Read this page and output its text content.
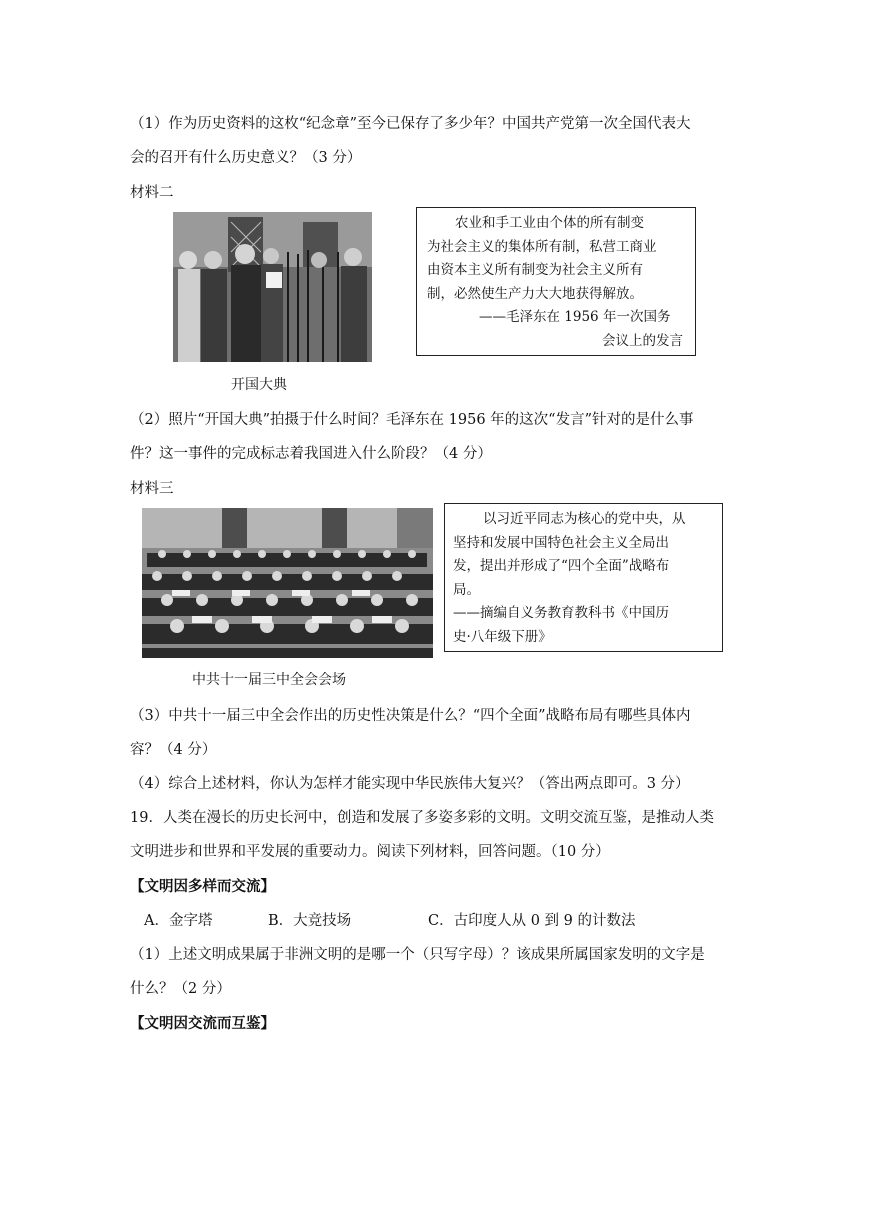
（1）作为历史资料的这枚“纪念章”至今已保存了多少年？中国共产党第一次全国代表大
会的召开有什么历史意义？（3 分）
材料二
农业和手工业由个体的所有制变
为社会主义的集体所有制，私营工商业
由资本主义所有制变为社会主义所有
制，必然使生产力大大地获得解放。
——毛泽东在 1956 年一次国务
会议上的发言
开国大典
（2）照片“开国大典”拍摄于什么时间？毛泽东在 1956 年的这次“发言”针对的是什么事
件？这一事件的完成标志着我国进入什么阶段？（4 分）
材料三
以习近平同志为核心的党中央，从
坚持和发展中国特色社会主义全局出
发，提出并形成了“四个全面”战略布
局。
——摘编自义务教育教科书《中国历
史·八年级下册》
中共十一届三中全会会场
（3）中共十一届三中全会作出的历史性决策是什么？“四个全面”战略布局有哪些具体内
容？（4 分）
（4）综合上述材料，你认为怎样才能实现中华民族伟大复兴？（答出两点即可。3 分）
19．人类在漫长的历史长河中，创造和发展了多姿多彩的文明。文明交流互鉴，是推动人类
文明进步和世界和平发展的重要动力。阅读下列材料，回答问题。（10 分）
【文明因多样而交流】
A．金字塔	B．大竞技场	C．古印度人从 0 到 9 的计数法
（1）上述文明成果属于非洲文明的是哪一个（只写字母）？该成果所属国家发明的文字是
什么？（2 分）
【文明因交流而互鉴】
